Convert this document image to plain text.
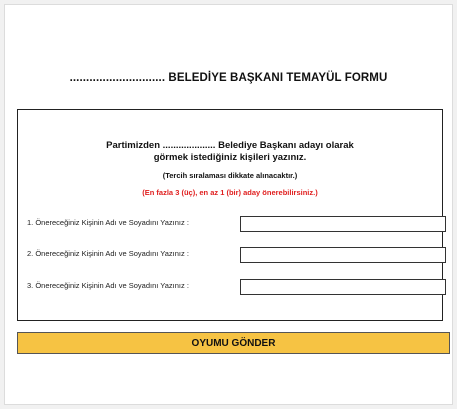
............................. BELEDİYE BAŞKANI TEMAYÜL FORMU
Partimizden .................... Belediye Başkanı adayı olarak
görmek istediğiniz kişileri yazınız.
(Tercih sıralaması dikkate alınacaktır.)
(En fazla 3 (üç), en az 1 (bir) aday önerebilirsiniz.)
1. Önereceğiniz Kişinin Adı ve Soyadını Yazınız :
2. Önereceğiniz Kişinin Adı ve Soyadını Yazınız :
3. Önereceğiniz Kişinin Adı ve Soyadını Yazınız :
OYUMU GÖNDER
